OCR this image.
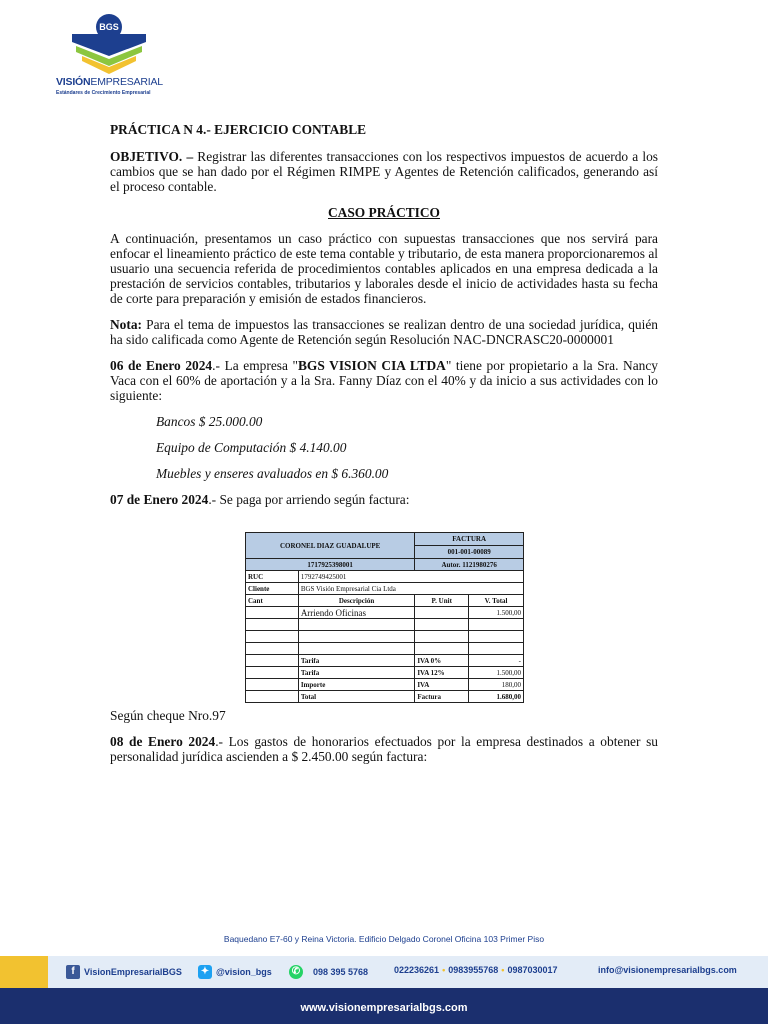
BGS
VISIÓNEMPRESARIAL
Estándares de Crecimiento Empresarial

PRÁCTICA N 4.- EJERCICIO CONTABLE

OBJETIVO. – Registrar las diferentes transacciones con los respectivos impuestos de acuerdo a los cambios que se han dado por el Régimen RIMPE y Agentes de Retención calificados, generando así el proceso contable.

CASO PRÁCTICO

A continuación, presentamos un caso práctico con supuestas transacciones que nos servirá para enfocar el lineamiento práctico de este tema contable y tributario, de esta manera proporcionaremos al usuario una secuencia referida de procedimientos contables aplicados en una empresa dedicada a la prestación de servicios contables, tributarios y laborales desde el inicio de actividades hasta su fecha de corte para preparación y emisión de estados financieros.

Nota: Para el tema de impuestos las transacciones se realizan dentro de una sociedad jurídica, quién ha sido calificada como Agente de Retención según Resolución NAC-DNCRASC20-0000001

06 de Enero 2024.- La empresa "BGS VISION CIA LTDA" tiene por propietario a la Sra. Nancy Vaca con el 60% de aportación y a la Sra. Fanny Díaz con el 40% y da inicio a sus actividades con lo siguiente:

Bancos $ 25.000.00

Equipo de Computación $ 4.140.00

Muebles y enseres avaluados en $ 6.360.00

07 de Enero 2024.- Se paga por arriendo según factura:

CORONEL DIAZ GUADALUPE		FACTURA	
		001-001-00089	
1717925398001		Autor. 1121980276	
RUC	1792749425001		
Cliente	BGS Visión Empresarial Cia Ltda		
Cant	Descripción	P. Unit	V. Total
	Arriendo Oficinas		1.500,00

	Tarifa	IVA 0%	-
	Tarifa	IVA 12%	1.500,00
	Importe	IVA	180,00
	Total	Factura	1.680,00

Según cheque Nro.97

08 de Enero 2024.- Los gastos de honorarios efectuados por la empresa destinados a obtener su personalidad jurídica ascienden a $ 2.450.00 según factura:

Baquedano E7-60 y Reina Victoria. Edificio Delgado Coronel Oficina 103 Primer Piso
f	VisionEmpresarialBGS ✦ @vision_bgs ✆	098 395 5768	022236261 • 0983955768 • 0987030017	info@visionempresarialbgs.com
www.visionempresarialbgs.com
